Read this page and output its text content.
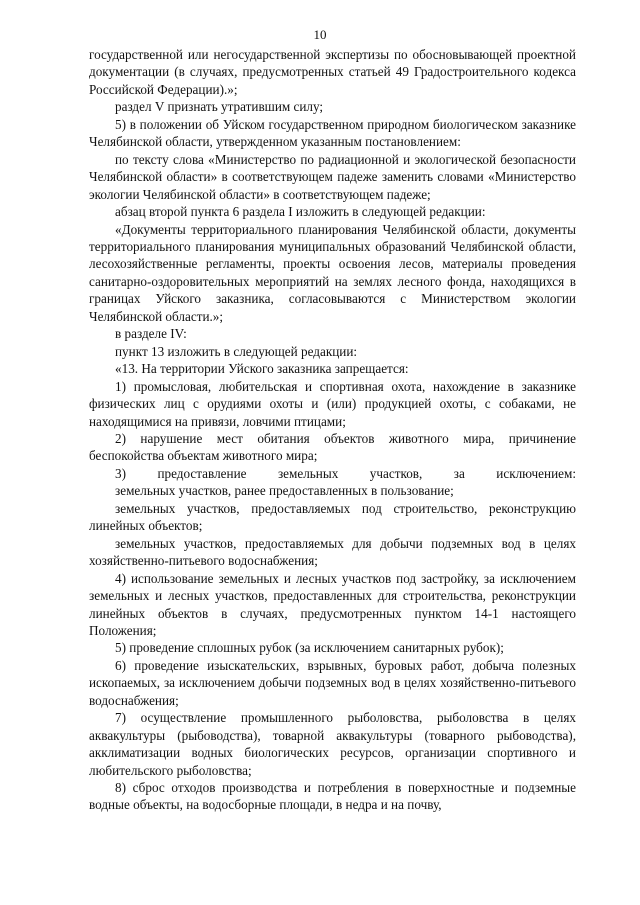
10

государственной или негосударственной экспертизы по обосновывающей проектной документации (в случаях, предусмотренных статьей 49 Градостроительного кодекса Российской Федерации).»;

раздел V признать утратившим силу;

5) в положении об Уйском государственном природном биологическом заказнике Челябинской области, утвержденном указанным постановлением:

по тексту слова «Министерство по радиационной и экологической безопасности Челябинской области» в соответствующем падеже заменить словами «Министерство экологии Челябинской области» в соответствующем падеже;

абзац второй пункта 6 раздела I изложить в следующей редакции:

«Документы территориального планирования Челябинской области, документы территориального планирования муниципальных образований Челябинской области, лесохозяйственные регламенты, проекты освоения лесов, материалы проведения санитарно-оздоровительных мероприятий на землях лесного фонда, находящихся в границах Уйского заказника, согласовываются с Министерством экологии Челябинской области.»;

в разделе IV:

пункт 13 изложить в следующей редакции:

«13. На территории Уйского заказника запрещается:

1) промысловая, любительская и спортивная охота, нахождение в заказнике физических лиц с орудиями охоты и (или) продукцией охоты, с собаками, не находящимися на привязи, ловчими птицами;

2) нарушение мест обитания объектов животного мира, причинение беспокойства объектам животного мира;

3) предоставление земельных участков, за исключением:

земельных участков, ранее предоставленных в пользование;

земельных участков, предоставляемых под строительство, реконструкцию линейных объектов;

земельных участков, предоставляемых для добычи подземных вод в целях хозяйственно-питьевого водоснабжения;

4) использование земельных и лесных участков под застройку, за исключением земельных и лесных участков, предоставленных для строительства, реконструкции линейных объектов в случаях, предусмотренных пунктом 14-1 настоящего Положения;

5) проведение сплошных рубок (за исключением санитарных рубок);

6) проведение изыскательских, взрывных, буровых работ, добыча полезных ископаемых, за исключением добычи подземных вод в целях хозяйственно-питьевого водоснабжения;

7) осуществление промышленного рыболовства, рыболовства в целях аквакультуры (рыбоводства), товарной аквакультуры (товарного рыбоводства), акклиматизации водных биологических ресурсов, организации спортивного и любительского рыболовства;

8) сброс отходов производства и потребления в поверхностные и подземные водные объекты, на водосборные площади, в недра и на почву,
